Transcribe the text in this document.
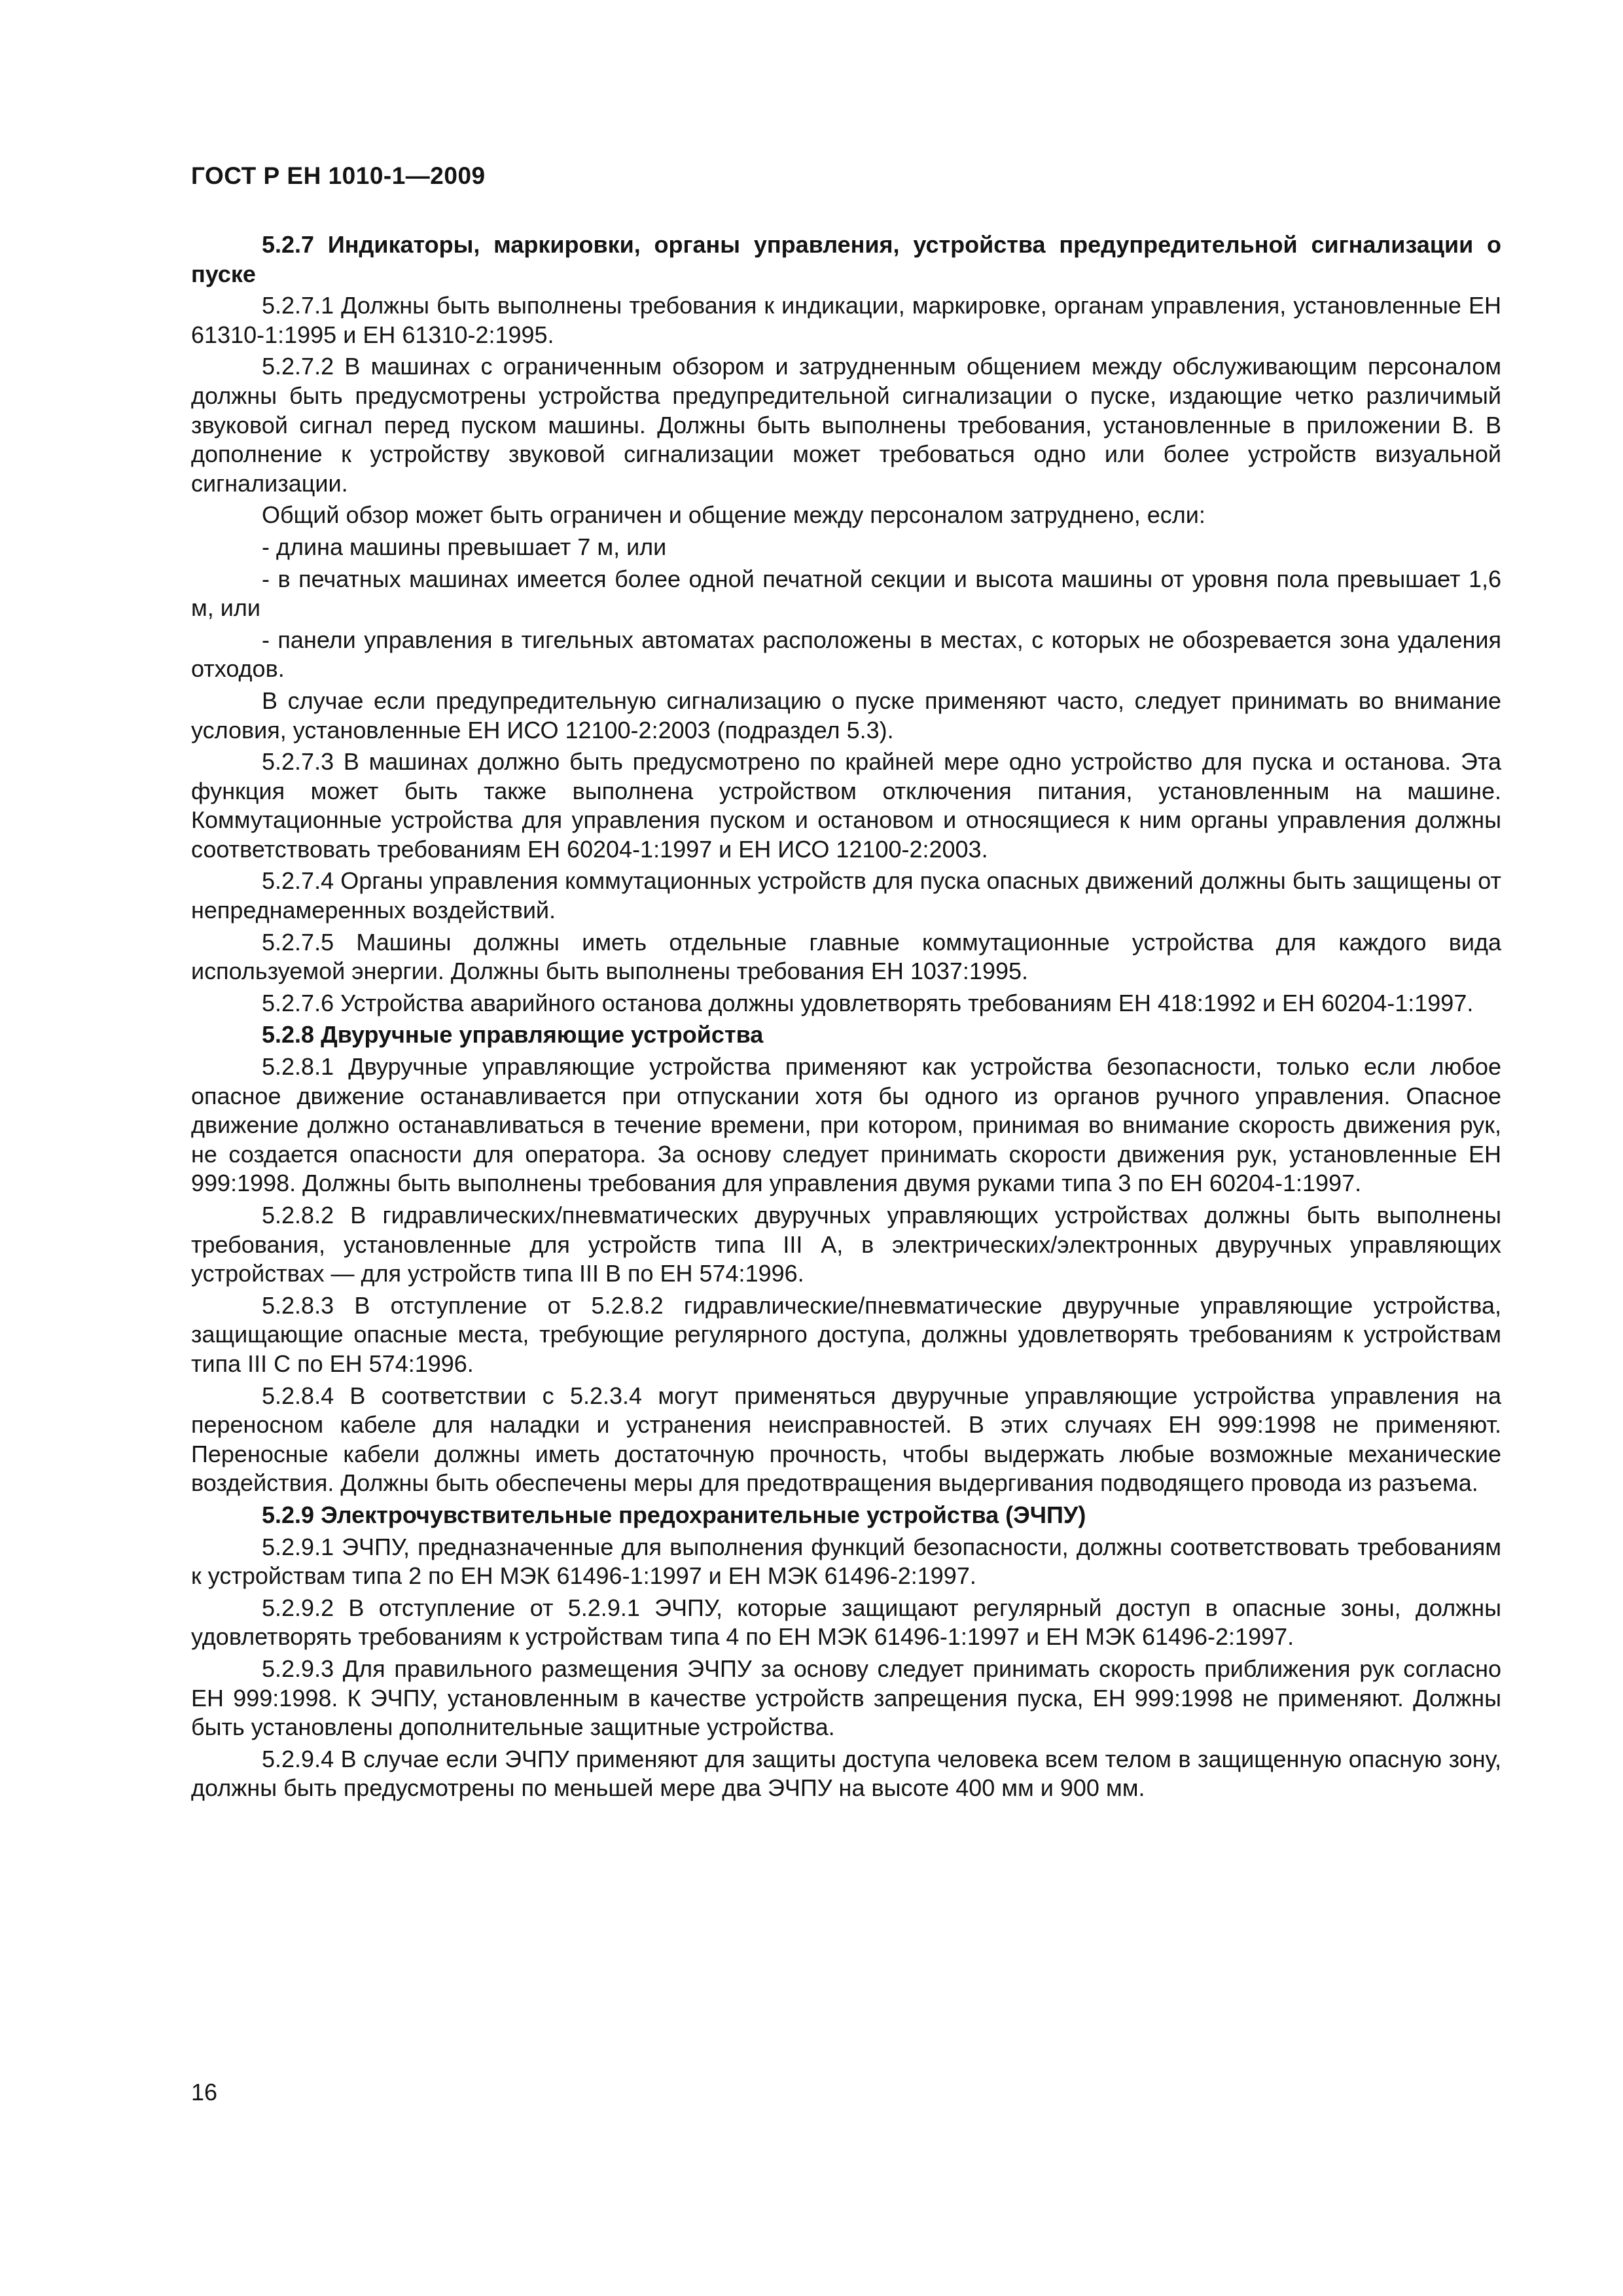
ГОСТ Р ЕН 1010-1—2009

5.2.7 Индикаторы, маркировки, органы управления, устройства предупредительной сигнализации о пуске

5.2.7.1 Должны быть выполнены требования к индикации, маркировке, органам управления, установленные ЕН 61310-1:1995 и ЕН 61310-2:1995.

5.2.7.2 В машинах с ограниченным обзором и затрудненным общением между обслуживающим персоналом должны быть предусмотрены устройства предупредительной сигнализации о пуске, издающие четко различимый звуковой сигнал перед пуском машины. Должны быть выполнены требования, установленные в приложении В. В дополнение к устройству звуковой сигнализации может требоваться одно или более устройств визуальной сигнализации.

Общий обзор может быть ограничен и общение между персоналом затруднено, если:

- длина машины превышает 7 м, или

- в печатных машинах имеется более одной печатной секции и высота машины от уровня пола превышает 1,6 м, или

- панели управления в тигельных автоматах расположены в местах, с которых не обозревается зона удаления отходов.

В случае если предупредительную сигнализацию о пуске применяют часто, следует принимать во внимание условия, установленные ЕН ИСО 12100-2:2003 (подраздел 5.3).

5.2.7.3 В машинах должно быть предусмотрено по крайней мере одно устройство для пуска и останова. Эта функция может быть также выполнена устройством отключения питания, установленным на машине. Коммутационные устройства для управления пуском и остановом и относящиеся к ним органы управления должны соответствовать требованиям ЕН 60204-1:1997 и ЕН ИСО 12100-2:2003.

5.2.7.4 Органы управления коммутационных устройств для пуска опасных движений должны быть защищены от непреднамеренных воздействий.

5.2.7.5 Машины должны иметь отдельные главные коммутационные устройства для каждого вида используемой энергии. Должны быть выполнены требования ЕН 1037:1995.

5.2.7.6 Устройства аварийного останова должны удовлетворять требованиям ЕН 418:1992 и ЕН 60204-1:1997.

5.2.8 Двуручные управляющие устройства

5.2.8.1 Двуручные управляющие устройства применяют как устройства безопасности, только если любое опасное движение останавливается при отпускании хотя бы одного из органов ручного управления. Опасное движение должно останавливаться в течение времени, при котором, принимая во внимание скорость движения рук, не создается опасности для оператора. За основу следует принимать скорости движения рук, установленные ЕН 999:1998. Должны быть выполнены требования для управления двумя руками типа 3 по ЕН 60204-1:1997.

5.2.8.2 В гидравлических/пневматических двуручных управляющих устройствах должны быть выполнены требования, установленные для устройств типа III А, в электрических/электронных двуручных управляющих устройствах — для устройств типа III В по ЕН 574:1996.

5.2.8.3 В отступление от 5.2.8.2 гидравлические/пневматические двуручные управляющие устройства, защищающие опасные места, требующие регулярного доступа, должны удовлетворять требованиям к устройствам типа III С по ЕН 574:1996.

5.2.8.4 В соответствии с 5.2.3.4 могут применяться двуручные управляющие устройства управления на переносном кабеле для наладки и устранения неисправностей. В этих случаях ЕН 999:1998 не применяют. Переносные кабели должны иметь достаточную прочность, чтобы выдержать любые возможные механические воздействия. Должны быть обеспечены меры для предотвращения выдергивания подводящего провода из разъема.

5.2.9 Электрочувствительные предохранительные устройства (ЭЧПУ)

5.2.9.1 ЭЧПУ, предназначенные для выполнения функций безопасности, должны соответствовать требованиям к устройствам типа 2 по ЕН МЭК 61496-1:1997 и ЕН МЭК 61496-2:1997.

5.2.9.2 В отступление от 5.2.9.1 ЭЧПУ, которые защищают регулярный доступ в опасные зоны, должны удовлетворять требованиям к устройствам типа 4 по ЕН МЭК 61496-1:1997 и ЕН МЭК 61496-2:1997.

5.2.9.3 Для правильного размещения ЭЧПУ за основу следует принимать скорость приближения рук согласно ЕН 999:1998. К ЭЧПУ, установленным в качестве устройств запрещения пуска, ЕН 999:1998 не применяют. Должны быть установлены дополнительные защитные устройства.

5.2.9.4 В случае если ЭЧПУ применяют для защиты доступа человека всем телом в защищенную опасную зону, должны быть предусмотрены по меньшей мере два ЭЧПУ на высоте 400 мм и 900 мм.

16
